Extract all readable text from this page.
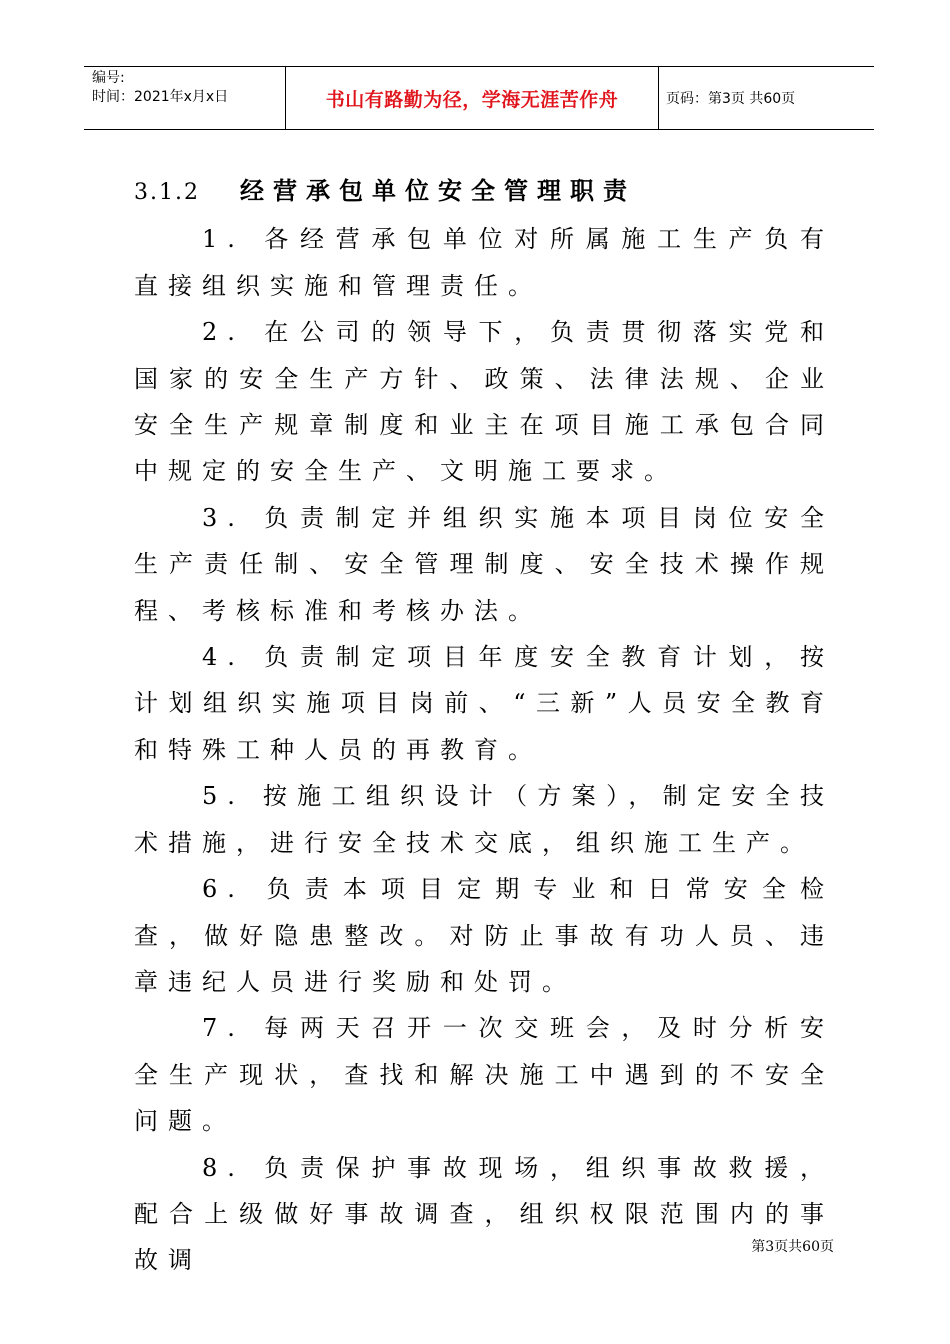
编号:
时间：2021年x月x日	书山有路勤为径，学海无涯苦作舟	页码：第3页 共60页

3.1.2 经营承包单位安全管理职责

1. 各经营承包单位对所属施工生产负有直接组织实施和管理责任。

2. 在公司的领导下，负责贯彻落实党和国家的安全生产方针、政策、法律法规、企业安全生产规章制度和业主在项目施工承包合同中规定的安全生产、文明施工要求。

3. 负责制定并组织实施本项目岗位安全生产责任制、安全管理制度、安全技术操作规程、考核标准和考核办法。

4. 负责制定项目年度安全教育计划，按计划组织实施项目岗前、“三新”人员安全教育和特殊工种人员的再教育。

5. 按施工组织设计（方案），制定安全技术措施，进行安全技术交底，组织施工生产。

6. 负责本项目定期专业和日常安全检查，做好隐患整改。对防止事故有功人员、违章违纪人员进行奖励和处罚。

7. 每两天召开一次交班会，及时分析安全生产现状，查找和解决施工中遇到的不安全问题。

8. 负责保护事故现场，组织事故救援，配合上级做好事故调查，组织权限范围内的事故调	第3页共60页
